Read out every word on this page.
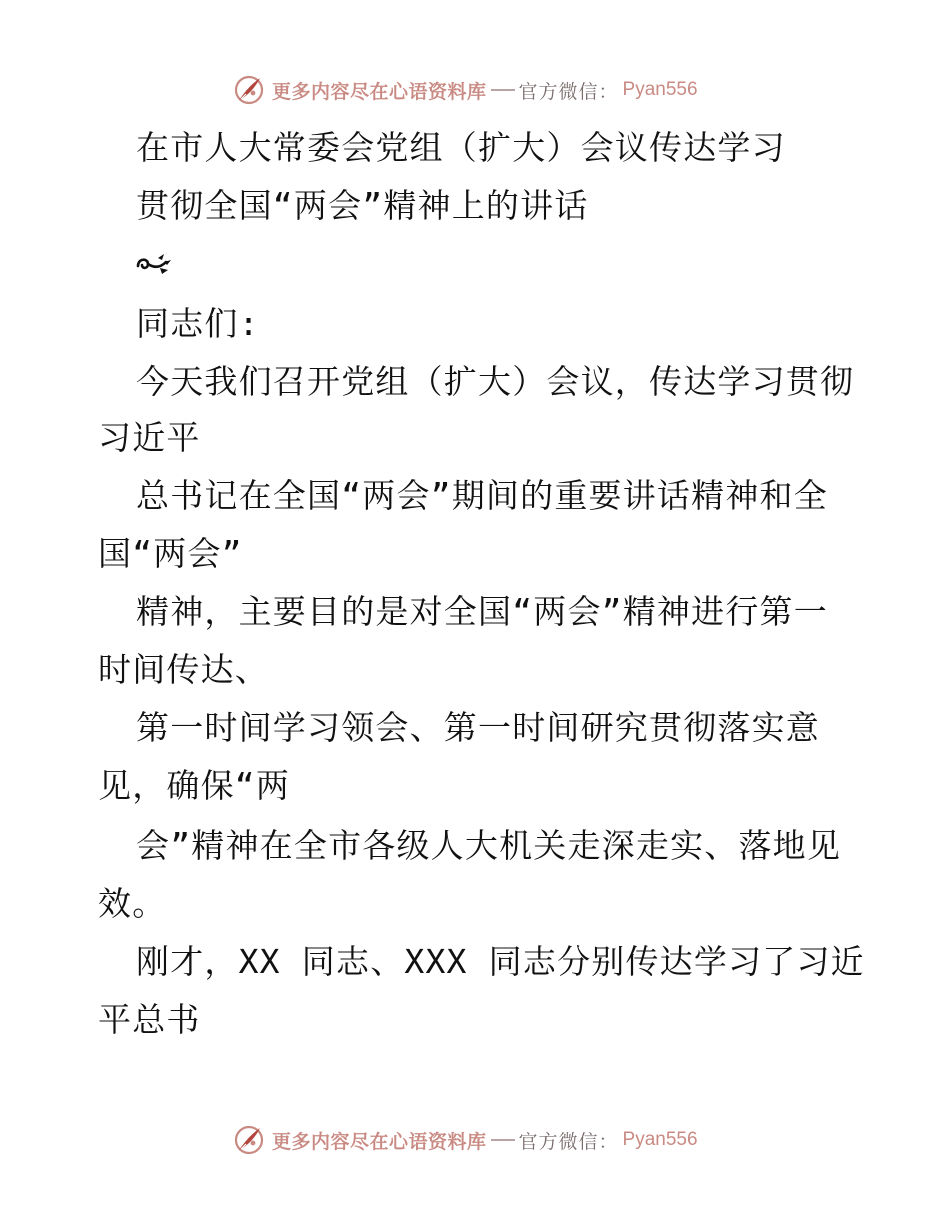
更多内容尽在心语资料库 官方微信： Pyan556
在市人大常委会党组（扩大）会议传达学习
贯彻全国“两会”精神上的讲话
同志们:
今天我们召开党组（扩大）会议，传达学习贯彻
习近平
总书记在全国“两会”期间的重要讲话精神和全
国“两会”
精神，主要目的是对全国“两会”精神进行第一
时间传达、
第一时间学习领会、第一时间研究贯彻落实意
见，确保“两
会”精神在全市各级人大机关走深走实、落地见
效。
刚才，XX 同志、XXX 同志分别传达学习了习近
平总书
更多内容尽在心语资料库 官方微信： Pyan556
